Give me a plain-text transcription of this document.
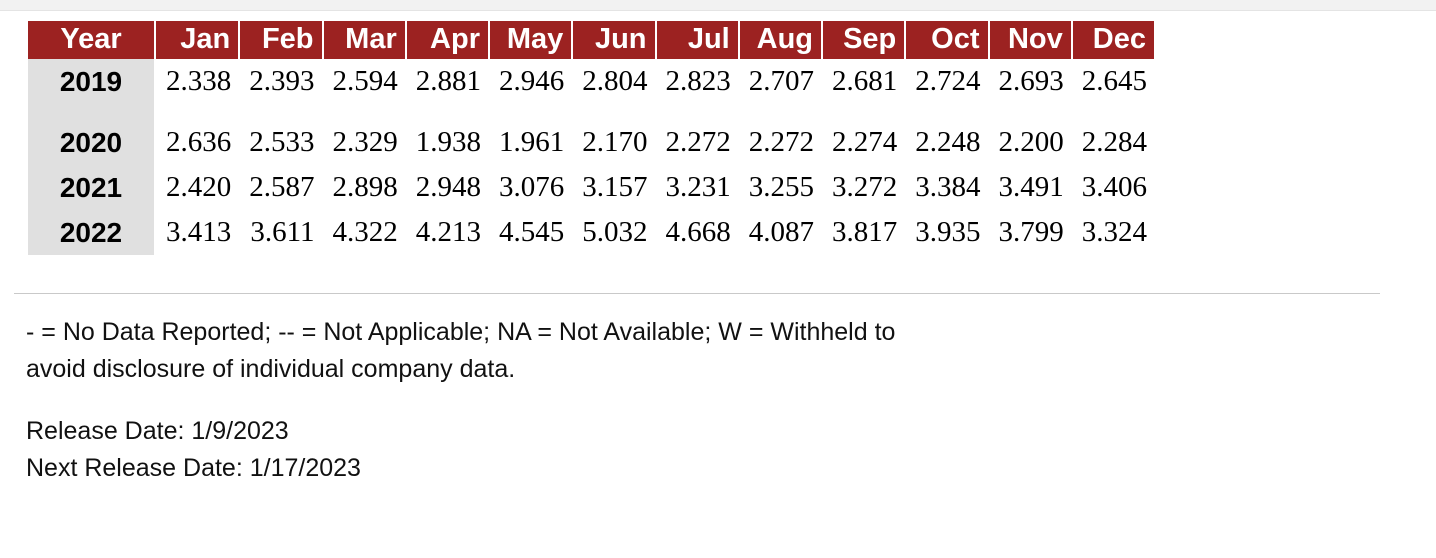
Year	Jan	Feb	Mar	Apr	May	Jun	Jul	Aug	Sep	Oct	Nov	Dec
2019	2.338	2.393	2.594	2.881	2.946	2.804	2.823	2.707	2.681	2.724	2.693	2.645

2020	2.636	2.533	2.329	1.938	1.961	2.170	2.272	2.272	2.274	2.248	2.200	2.284
2021	2.420	2.587	2.898	2.948	3.076	3.157	3.231	3.255	3.272	3.384	3.491	3.406
2022	3.413	3.611	4.322	4.213	4.545	5.032	4.668	4.087	3.817	3.935	3.799	3.324
- = No Data Reported; -- = Not Applicable; NA = Not Available; W = Withheld to
avoid disclosure of individual company data.
Release Date: 1/9/2023
Next Release Date: 1/17/2023
